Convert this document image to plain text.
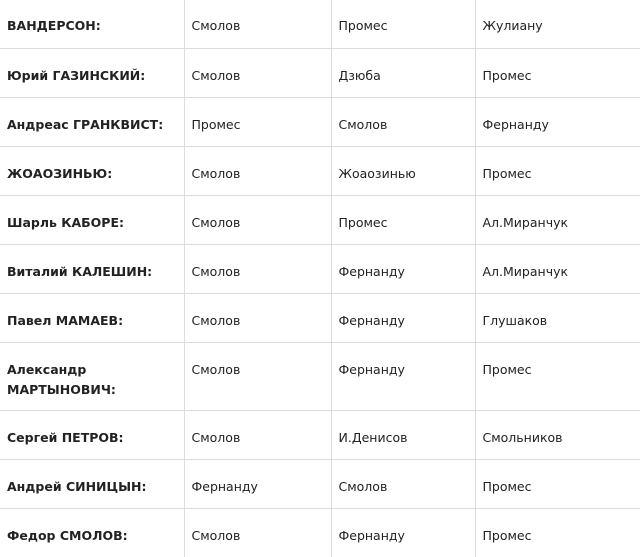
ВАНДЕРСОН:	Смолов	Промес	Жулиану
Юрий ГАЗИНСКИЙ:	Смолов	Дзюба	Промес
Андреас ГРАНКВИСТ:	Промес	Смолов	Фернанду
ЖОАОЗИНЬЮ:	Смолов	Жоаозинью	Промес
Шарль КАБОРЕ:	Смолов	Промес	Ал.Миранчук
Виталий КАЛЕШИН:	Смолов	Фернанду	Ал.Миранчук
Павел МАМАЕВ:	Смолов	Фернанду	Глушаков
Александр МАРТЫНОВИЧ:	Смолов	Фернанду	Промес
Сергей ПЕТРОВ:	Смолов	И.Денисов	Смольников
Андрей СИНИЦЫН:	Фернанду	Смолов	Промес
Федор СМОЛОВ:	Смолов	Фернанду	Промес
